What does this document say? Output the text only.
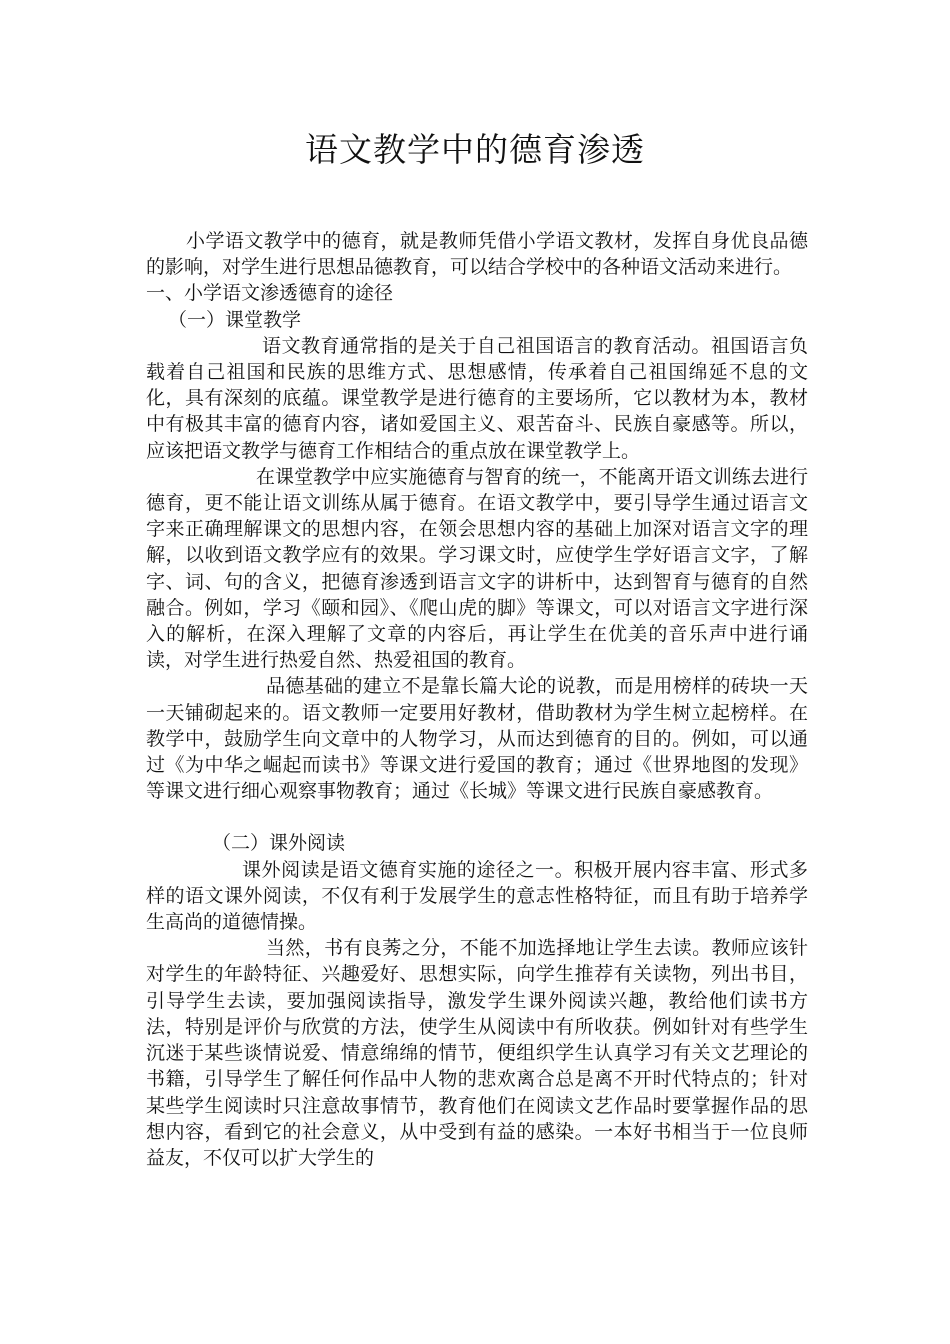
语文教学中的德育渗透

小学语文教学中的德育，就是教师凭借小学语文教材，发挥自身优良品德的影响，对学生进行思想品德教育，可以结合学校中的各种语文活动来进行。

一、小学语文渗透德育的途径

（一）课堂教学

语文教育通常指的是关于自己祖国语言的教育活动。祖国语言负载着自己祖国和民族的思维方式、思想感情，传承着自己祖国绵延不息的文化，具有深刻的底蕴。课堂教学是进行德育的主要场所，它以教材为本，教材中有极其丰富的德育内容，诸如爱国主义、艰苦奋斗、民族自豪感等。所以，应该把语文教学与德育工作相结合的重点放在课堂教学上。

在课堂教学中应实施德育与智育的统一，不能离开语文训练去进行德育，更不能让语文训练从属于德育。在语文教学中，要引导学生通过语言文字来正确理解课文的思想内容，在领会思想内容的基础上加深对语言文字的理解，以收到语文教学应有的效果。学习课文时，应使学生学好语言文字，了解字、词、句的含义，把德育渗透到语言文字的讲析中，达到智育与德育的自然融合。例如，学习《颐和园》、《爬山虎的脚》等课文，可以对语言文字进行深入的解析，在深入理解了文章的内容后，再让学生在优美的音乐声中进行诵读，对学生进行热爱自然、热爱祖国的教育。

品德基础的建立不是靠长篇大论的说教，而是用榜样的砖块一天一天铺砌起来的。语文教师一定要用好教材，借助教材为学生树立起榜样。在教学中，鼓励学生向文章中的人物学习，从而达到德育的目的。例如，可以通过《为中华之崛起而读书》等课文进行爱国的教育；通过《世界地图的发现》等课文进行细心观察事物教育；通过《长城》等课文进行民族自豪感教育。

（二）课外阅读

课外阅读是语文德育实施的途径之一。积极开展内容丰富、形式多样的语文课外阅读，不仅有利于发展学生的意志性格特征，而且有助于培养学生高尚的道德情操。

当然，书有良莠之分，不能不加选择地让学生去读。教师应该针对学生的年龄特征、兴趣爱好、思想实际，向学生推荐有关读物，列出书目，引导学生去读，要加强阅读指导，激发学生课外阅读兴趣，教给他们读书方法，特别是评价与欣赏的方法，使学生从阅读中有所收获。例如针对有些学生沉迷于某些谈情说爱、情意绵绵的情节，便组织学生认真学习有关文艺理论的书籍，引导学生了解任何作品中人物的悲欢离合总是离不开时代特点的；针对某些学生阅读时只注意故事情节，教育他们在阅读文艺作品时要掌握作品的思想内容，看到它的社会意义，从中受到有益的感染。一本好书相当于一位良师益友，不仅可以扩大学生的
